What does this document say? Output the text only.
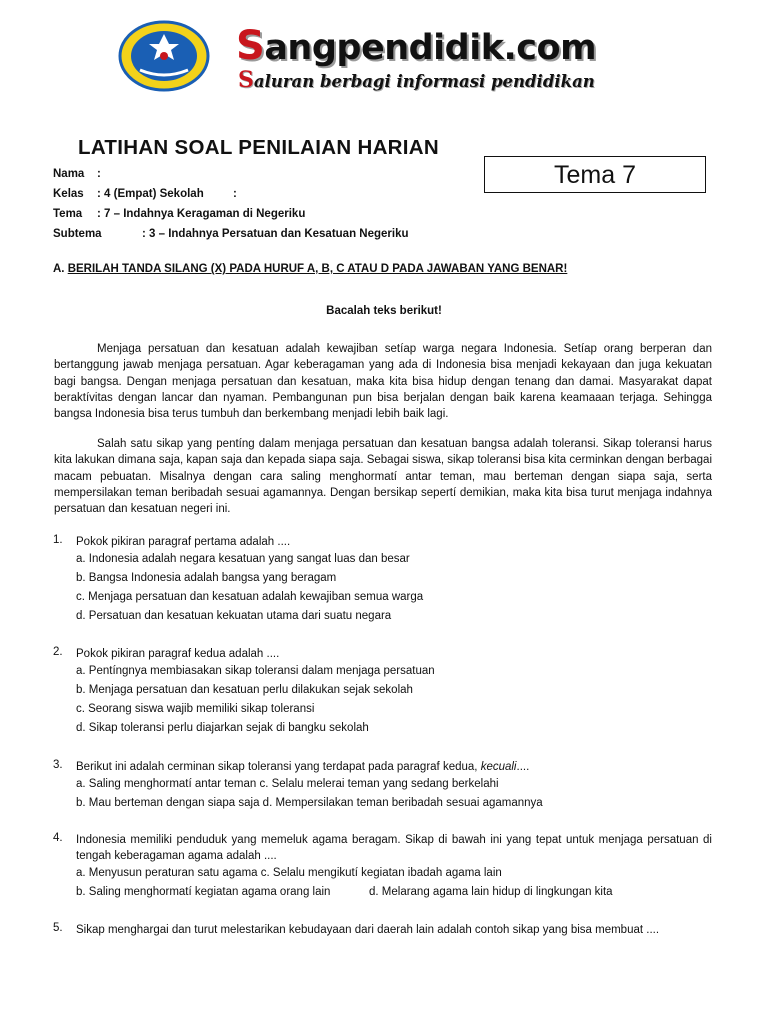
Sangpendidik.com
Saluran berbagi informasi pendidikan
LATIHAN SOAL PENILAIAN HARIAN
Tema 7
Nama :
Kelas : 4 (Empat) Sekolah	:
Tema : 7 – Indahnya Keragaman di Negeriku
Subtema	: 3 – Indahnya Persatuan dan Kesatuan Negeriku
A. BERILAH TANDA SILANG (X) PADA HURUF A, B, C ATAU D PADA JAWABAN YANG BENAR!
Bacalah teks berikut!

Menjaga persatuan dan kesatuan adalah kewajiban setíap warga negara Indonesia. Setíap orang berperan dan bertanggung jawab menjaga persatuan. Agar keberagaman yang ada di Indonesia bisa menjadi kekayaan dan juga kekuatan bagi bangsa. Dengan menjaga persatuan dan kesatuan, maka kita bisa hidup dengan tenang dan damai. Masyarakat dapat beraktívitas dengan lancar dan nyaman. Pembangunan pun bisa berjalan dengan baik karena keamaaan terjaga. Sehingga bangsa Indonesia bisa terus tumbuh dan berkembang menjadi lebih baik lagi.

Salah satu sikap yang pentíng dalam menjaga persatuan dan kesatuan bangsa adalah toleransi. Sikap toleransi harus kita lakukan dimana saja, kapan saja dan kepada siapa saja. Sebagai siswa, sikap toleransi bisa kita cerminkan dengan berbagai macam pebuatan. Misalnya dengan cara saling menghormatí antar teman, mau berteman dengan siapa saja, serta mempersilakan teman beribadah sesuai agamannya. Dengan bersikap sepertí demikian, maka kita bisa turut menjaga indahnya persatuan dan kesatuan negeri ini.

1. Pokok pikiran paragraf pertama adalah ....

a. Indonesia adalah negara kesatuan yang sangat luas dan besar
b. Bangsa Indonesia adalah bangsa yang beragam
c. Menjaga persatuan dan kesatuan adalah kewajiban semua warga
d. Persatuan dan kesatuan kekuatan utama dari suatu negara
2. Pokok pikiran paragraf kedua adalah ....

a. Pentíngnya membiasakan sikap toleransi dalam menjaga persatuan
b. Menjaga persatuan dan kesatuan perlu dilakukan sejak sekolah
c. Seorang siswa wajib memiliki sikap toleransi
d. Sikap toleransi perlu diajarkan sejak di bangku sekolah
3. Berikut ini adalah cerminan sikap toleransi yang terdapat pada paragraf kedua, kecuali....

a. Saling menghormatí antar teman c. Selalu melerai teman yang sedang berkelahi
b. Mau berteman dengan siapa saja d. Mempersilakan teman beribadah sesuai agamannya
4. Indonesia memiliki penduduk yang memeluk agama beragam. Sikap di bawah ini yang tepat untuk menjaga persatuan di tengah keberagaman agama adalah ....

a. Menyusun peraturan satu agama c. Selalu mengikutí kegiatan ibadah agama lain
b. Saling menghormatí kegiatan agama orang lain	d. Melarang agama lain hidup di lingkungan kita
5. Sikap menghargai dan turut melestarikan kebudayaan dari daerah lain adalah contoh sikap yang bisa membuat ....
